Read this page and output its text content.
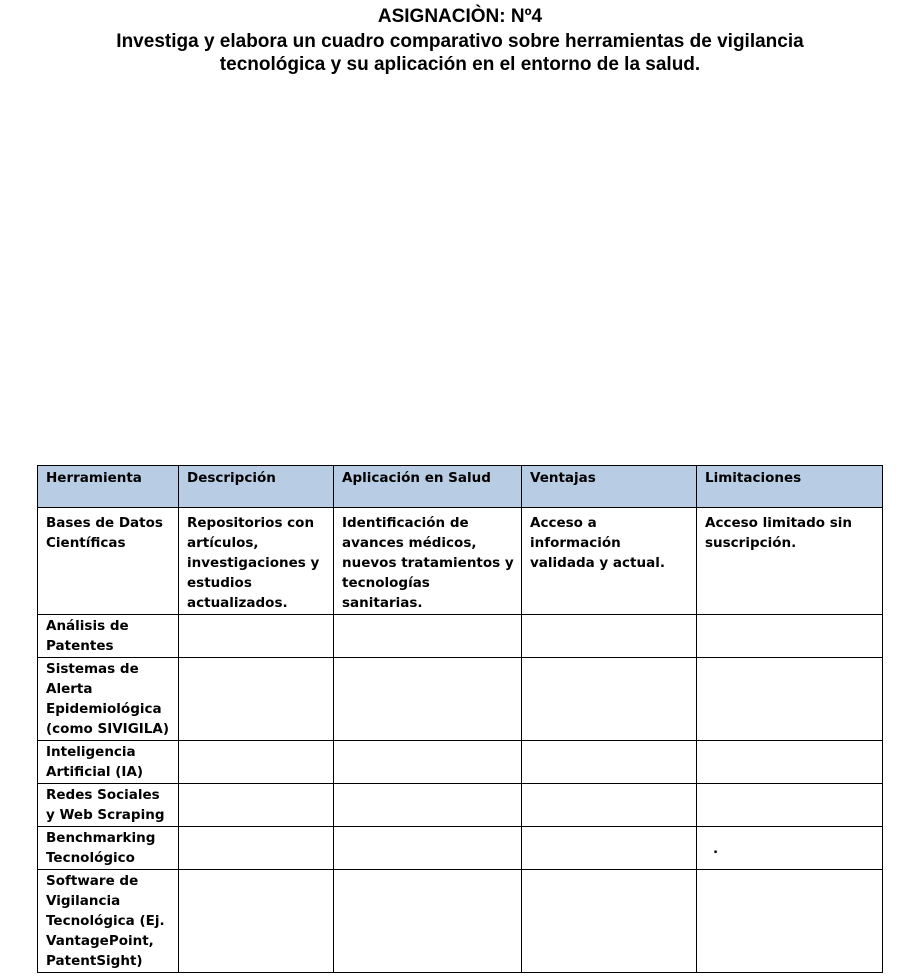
ASIGNACIÒN: Nº4
Investiga y elabora un cuadro comparativo sobre herramientas de vigilancia
tecnológica y su aplicación en el entorno de la salud.
Herramienta	Descripción	Aplicación en Salud	Ventajas	Limitaciones
Bases de Datos Científicas	Repositorios con artículos, investigaciones y estudios actualizados.	Identificación de avances médicos, nuevos tratamientos y tecnologías sanitarias.	Acceso a información validada y actual.	Acceso limitado sin suscripción.
Análisis de Patentes				
Sistemas de Alerta Epidemiológica (como SIVIGILA)				
Inteligencia Artificial (IA)				
Redes Sociales y Web Scraping				
Benchmarking Tecnológico				.

Software de Vigilancia Tecnológica (Ej. VantagePoint, PatentSight)				
